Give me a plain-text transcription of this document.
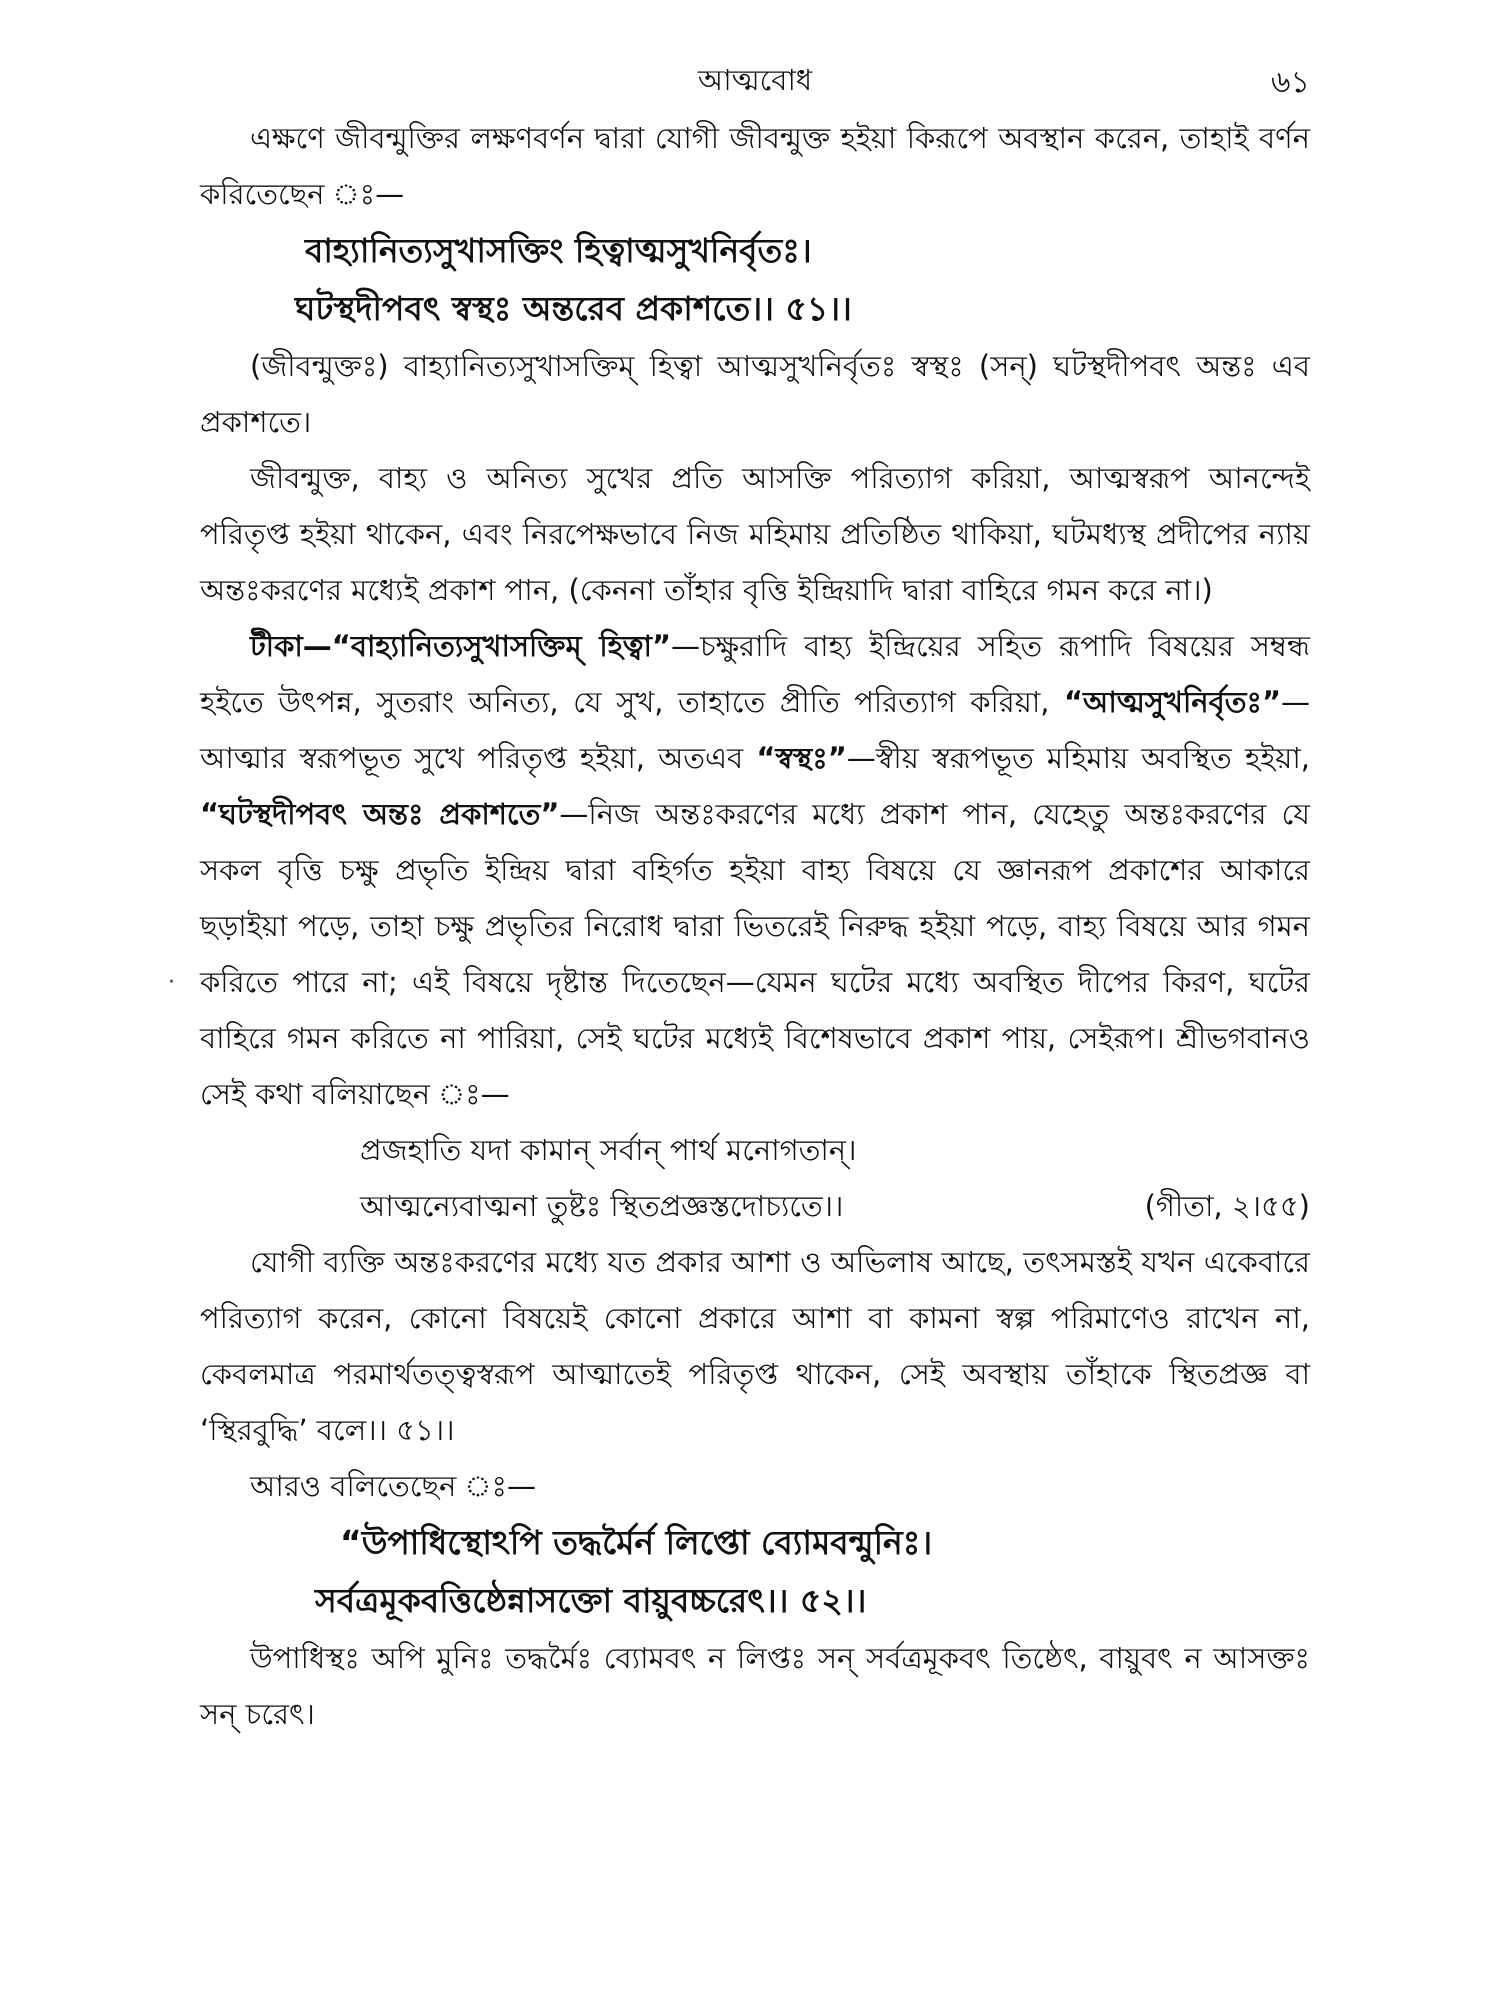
আত্মবোধ	৬১

এক্ষণে জীবন্মুক্তির লক্ষণবর্ণন দ্বারা যোগী জীবন্মুক্ত হইয়া কিরূপে অবস্থান করেন, তাহাই বর্ণন করিতেছেন ঃ—

বাহ্যানিত্যসুখাসক্তিং হিত্বাত্মসুখনির্বৃতঃ।

ঘটস্থদীপবৎ স্বস্থঃ অন্তরেব প্রকাশতে।। ৫১।।

(জীবন্মুক্তঃ) বাহ্যানিত্যসুখাসক্তিম্ হিত্বা আত্মসুখনির্বৃতঃ স্বস্থঃ (সন্) ঘটস্থদীপবৎ অন্তঃ এব প্রকাশতে।

জীবন্মুক্ত, বাহ্য ও অনিত্য সুখের প্রতি আসক্তি পরিত্যাগ করিয়া, আত্মস্বরূপ আনন্দেই পরিতৃপ্ত হইয়া থাকেন, এবং নিরপেক্ষভাবে নিজ মহিমায় প্রতিষ্ঠিত থাকিয়া, ঘটমধ্যস্থ প্রদীপের ন্যায় অন্তঃকরণের মধ্যেই প্রকাশ পান, (কেননা তাঁহার বৃত্তি ইন্দ্রিয়াদি দ্বারা বাহিরে গমন করে না।)

টীকা—“বাহ্যানিত্যসুখাসক্তিম্ হিত্বা”—চক্ষুরাদি বাহ্য ইন্দ্রিয়ের সহিত রূপাদি বিষয়ের সম্বন্ধ হইতে উৎপন্ন, সুতরাং অনিত্য, যে সুখ, তাহাতে প্রীতি পরিত্যাগ করিয়া, “আত্মসুখনির্বৃতঃ”—আত্মার স্বরূপভূত সুখে পরিতৃপ্ত হইয়া, অতএব “স্বস্থঃ”—স্বীয় স্বরূপভূত মহিমায় অবস্থিত হইয়া, “ঘটস্থদীপবৎ অন্তঃ প্রকাশতে”—নিজ অন্তঃকরণের মধ্যে প্রকাশ পান, যেহেতু অন্তঃকরণের যে সকল বৃত্তি চক্ষু প্রভৃতি ইন্দ্রিয় দ্বারা বহির্গত হইয়া বাহ্য বিষয়ে যে জ্ঞানরূপ প্রকাশের আকারে ছড়াইয়া পড়ে, তাহা চক্ষু প্রভৃতির নিরোধ দ্বারা ভিতরেই নিরুদ্ধ হইয়া পড়ে, বাহ্য বিষয়ে আর গমন করিতে পারে না; এই বিষয়ে দৃষ্টান্ত দিতেছেন—যেমন ঘটের মধ্যে অবস্থিত দীপের কিরণ, ঘটের বাহিরে গমন করিতে না পারিয়া, সেই ঘটের মধ্যেই বিশেষভাবে প্রকাশ পায়, সেইরূপ। শ্রীভগবানও সেই কথা বলিয়াছেন ঃ—

প্রজহাতি যদা কামান্ সর্বান্ পার্থ মনোগতান্।

আত্মন্যেবাত্মনা তুষ্টঃ স্থিতপ্রজ্ঞস্তদোচ্যতে।।	(গীতা, ২।৫৫)

যোগী ব্যক্তি অন্তঃকরণের মধ্যে যত প্রকার আশা ও অভিলাষ আছে, তৎসমস্তই যখন একেবারে পরিত্যাগ করেন, কোনো বিষয়েই কোনো প্রকারে আশা বা কামনা স্বল্প পরিমাণেও রাখেন না, কেবলমাত্র পরমার্থতত্ত্বস্বরূপ আত্মাতেই পরিতৃপ্ত থাকেন, সেই অবস্থায় তাঁহাকে স্থিতপ্রজ্ঞ বা ‘স্থিরবুদ্ধি’ বলে।। ৫১।।

আরও বলিতেছেন ঃ—

“উপাধিস্থোঽপি তদ্ধর্মৈর্ন লিপ্তো ব্যোমবন্মুনিঃ।

সর্বত্রমূকবত্তিষ্ঠেন্নাসক্তো বায়ুবচ্চরেৎ।। ৫২।।

উপাধিস্থঃ অপি মুনিঃ তদ্ধর্মৈঃ ব্যোমবৎ ন লিপ্তঃ সন্ সর্বত্রমূকবৎ তিষ্ঠেৎ, বায়ুবৎ ন আসক্তঃ সন্ চরেৎ।

·
